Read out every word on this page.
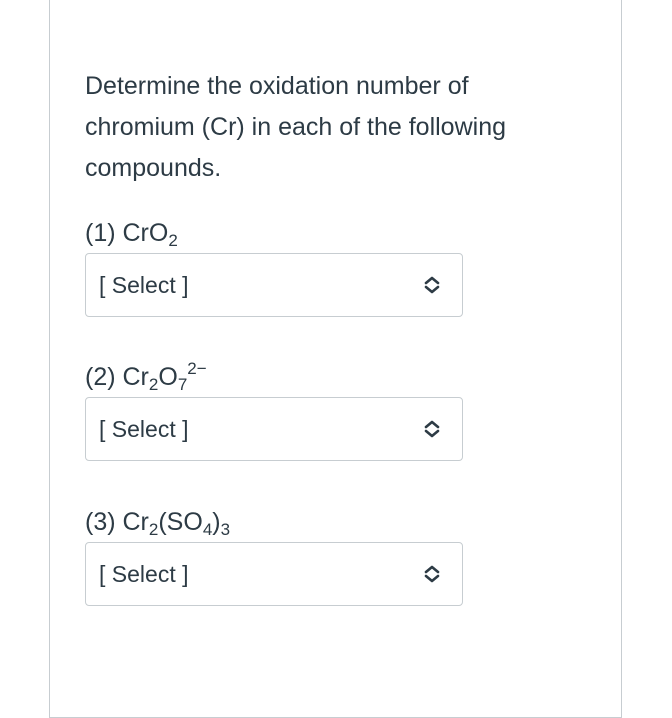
Determine the oxidation number of chromium (Cr) in each of the following compounds.

(1) CrO$_2$
[ Select ]
(2) $Cr_2O_7^{2-}$
[ Select ]
(3) $Cr_2(SO_4)_3$
[ Select ]
